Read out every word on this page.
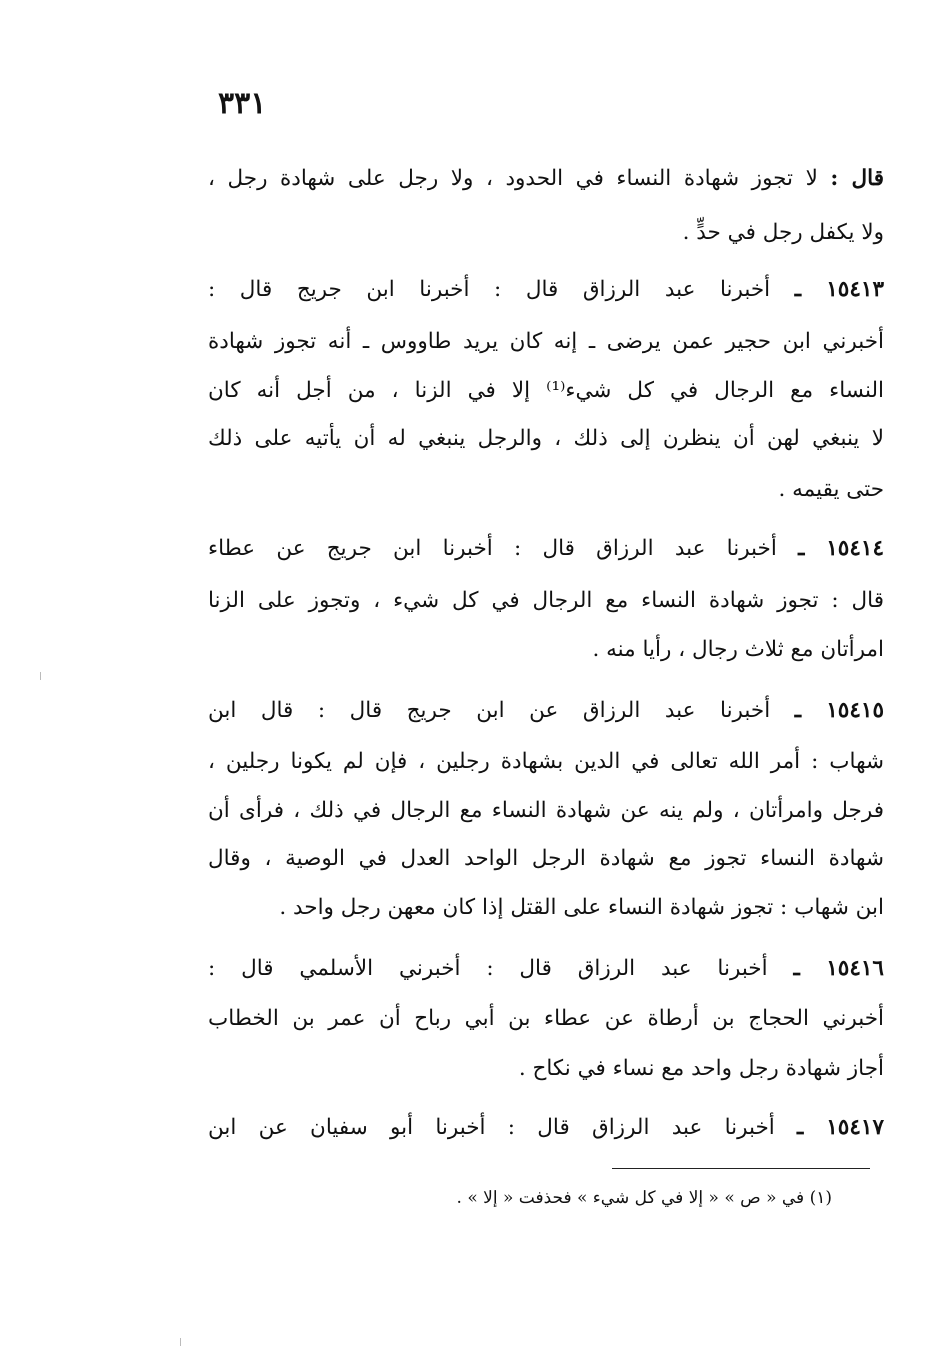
٣٣١
قال : لا تجوز شهادة النساء في الحدود ، ولا رجل على شهادة رجل ،
ولا يكفل رجل في حدٍّ .
١٥٤١٣ ـ أخبرنا عبد الرزاق قال : أخبرنا ابن جريج قال :
أخبرني ابن حجير عمن يرضى ـ إنه كان يريد طاووس ـ أنه تجوز شهادة
النساء مع الرجال في كل شيء⁽¹⁾ إلا في الزنا ، من أجل أنه كان
لا ينبغي لهن أن ينظرن إلى ذلك ، والرجل ينبغي له أن يأتيه على ذلك
حتى يقيمه .
١٥٤١٤ ـ أخبرنا عبد الرزاق قال : أخبرنا ابن جريج عن عطاء
قال : تجوز شهادة النساء مع الرجال في كل شيء ، وتجوز على الزنا
امرأتان مع ثلاث رجال ، رأيا منه .
١٥٤١٥ ـ أخبرنا عبد الرزاق عن ابن جريج قال : قال ابن
شهاب : أمر الله تعالى في الدين بشهادة رجلين ، فإن لم يكونا رجلين ،
فرجل وامرأتان ، ولم ينه عن شهادة النساء مع الرجال في ذلك ، فرأى أن
شهادة النساء تجوز مع شهادة الرجل الواحد العدل في الوصية ، وقال
ابن شهاب : تجوز شهادة النساء على القتل إذا كان معهن رجل واحد .
١٥٤١٦ ـ أخبرنا عبد الرزاق قال : أخبرني الأسلمي قال :
أخبرني الحجاج بن أرطاة عن عطاء بن أبي رباح أن عمر بن الخطاب
أجاز شهادة رجل واحد مع نساء في نكاح .
١٥٤١٧ ـ أخبرنا عبد الرزاق قال : أخبرنا أبو سفيان عن ابن
(١) في « ص » « إلا في كل شيء » فحذفت « إلا » .
